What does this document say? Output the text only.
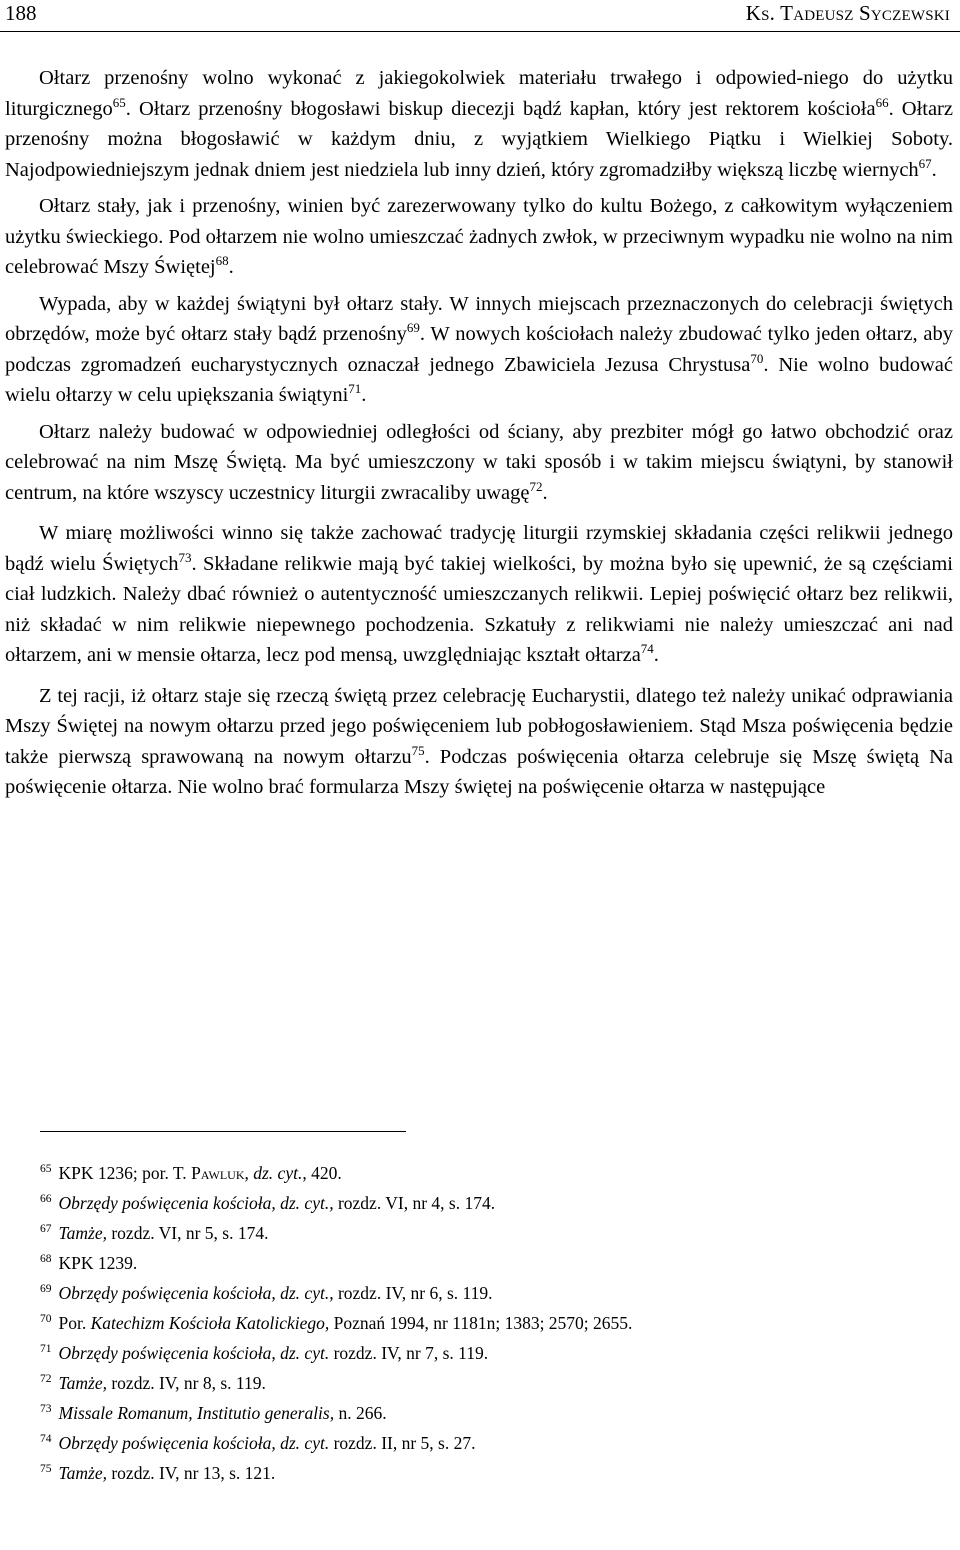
188	Ks. Tadeusz Syczewski

Ołtarz przenośny wolno wykonać z jakiegokolwiek materiału trwałego i odpowied-niego do użytku liturgicznego$^{65}$. Ołtarz przenośny błogosławi biskup diecezji bądź kapłan, który jest rektorem kościoła$^{66}$. Ołtarz przenośny można błogosławić w każdym dniu, z wyjątkiem Wielkiego Piątku i Wielkiej Soboty. Najodpowiedniejszym jednak dniem jest niedziela lub inny dzień, który zgromadziłby większą liczbę wiernych$^{67}$.

Ołtarz stały, jak i przenośny, winien być zarezerwowany tylko do kultu Bożego, z całkowitym wyłączeniem użytku świeckiego. Pod ołtarzem nie wolno umieszczać żadnych zwłok, w przeciwnym wypadku nie wolno na nim celebrować Mszy Świętej$^{68}$.

Wypada, aby w każdej świątyni był ołtarz stały. W innych miejscach przeznaczonych do celebracji świętych obrzędów, może być ołtarz stały bądź przenośny$^{69}$. W nowych kościołach należy zbudować tylko jeden ołtarz, aby podczas zgromadzeń eucharystycznych oznaczał jednego Zbawiciela Jezusa Chrystusa$^{70}$. Nie wolno budować wielu ołtarzy w celu upiększania świątyni$^{71}$.

Ołtarz należy budować w odpowiedniej odległości od ściany, aby prezbiter mógł go łatwo obchodzić oraz celebrować na nim Mszę Świętą. Ma być umieszczony w taki sposób i w takim miejscu świątyni, by stanowił centrum, na które wszyscy uczestnicy liturgii zwracaliby uwagę$^{72}$.

W miarę możliwości winno się także zachować tradycję liturgii rzymskiej składania części relikwii jednego bądź wielu Świętych$^{73}$. Składane relikwie mają być takiej wielkości, by można było się upewnić, że są częściami ciał ludzkich. Należy dbać również o autentyczność umieszczanych relikwii. Lepiej poświęcić ołtarz bez relikwii, niż składać w nim relikwie niepewnego pochodzenia. Szkatuły z relikwiami nie należy umieszczać ani nad ołtarzem, ani w mensie ołtarza, lecz pod mensą, uwzględniając kształt ołtarza$^{74}$.

Z tej racji, iż ołtarz staje się rzeczą świętą przez celebrację Eucharystii, dlatego też należy unikać odprawiania Mszy Świętej na nowym ołtarzu przed jego poświęceniem lub pobłogosławieniem. Stąd Msza poświęcenia będzie także pierwszą sprawowaną na nowym ołtarzu$^{75}$. Podczas poświęcenia ołtarza celebruje się Mszę świętą Na poświęcenie ołtarza. Nie wolno brać formularza Mszy świętej na poświęcenie ołtarza w następujące

$^{65}$ KPK 1236; por. T. Pawluk, dz. cyt., 420.
$^{66}$ Obrzędy poświęcenia kościoła, dz. cyt., rozdz. VI, nr 4, s. 174.
$^{67}$ Tamże, rozdz. VI, nr 5, s. 174.
$^{68}$ KPK 1239.
$^{69}$ Obrzędy poświęcenia kościoła, dz. cyt., rozdz. IV, nr 6, s. 119.
$^{70}$ Por. Katechizm Kościoła Katolickiego, Poznań 1994, nr 1181n; 1383; 2570; 2655.
$^{71}$ Obrzędy poświęcenia kościoła, dz. cyt. rozdz. IV, nr 7, s. 119.
$^{72}$ Tamże, rozdz. IV, nr 8, s. 119.
$^{73}$ Missale Romanum, Institutio generalis, n. 266.
$^{74}$ Obrzędy poświęcenia kościoła, dz. cyt. rozdz. II, nr 5, s. 27.
$^{75}$ Tamże, rozdz. IV, nr 13, s. 121.
